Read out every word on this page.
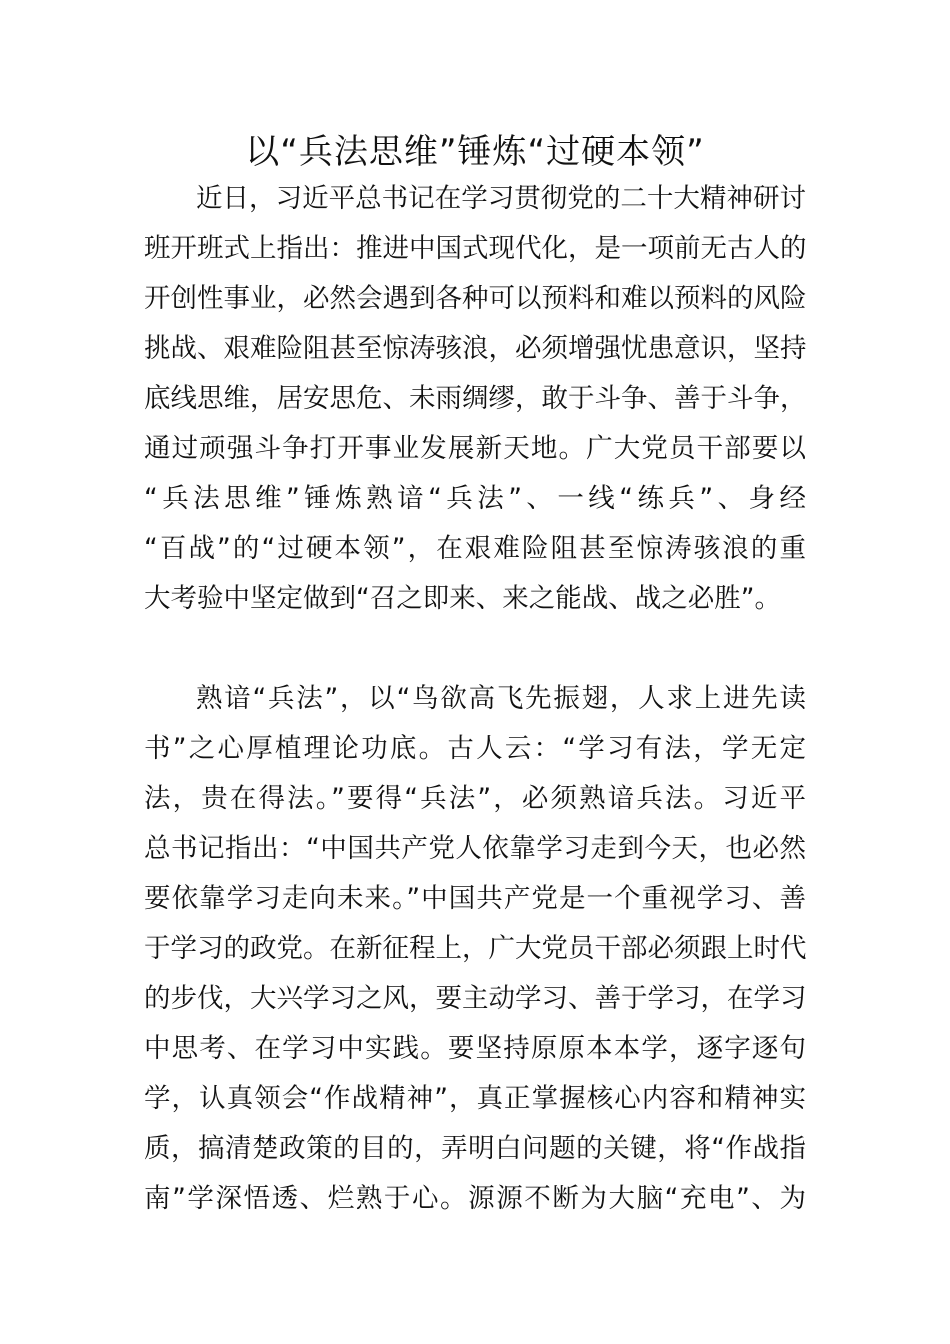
以“兵法思维”锤炼“过硬本领”
近日，习近平总书记在学习贯彻党的二十大精神研讨
班开班式上指出：推进中国式现代化，是一项前无古人的
开创性事业，必然会遇到各种可以预料和难以预料的风险
挑战、艰难险阻甚至惊涛骇浪，必须增强忧患意识，坚持
底线思维，居安思危、未雨绸缪，敢于斗争、善于斗争，
通过顽强斗争打开事业发展新天地。广大党员干部要以
“兵法思维”锤炼熟谙“兵法”、一线“练兵”、身经
“百战”的“过硬本领”，在艰难险阻甚至惊涛骇浪的重
大考验中坚定做到“召之即来、来之能战、战之必胜”。
熟谙“兵法”，以“鸟欲高飞先振翅，人求上进先读
书”之心厚植理论功底。古人云：“学习有法，学无定
法，贵在得法。”要得“兵法”，必须熟谙兵法。习近平
总书记指出：“中国共产党人依靠学习走到今天，也必然
要依靠学习走向未来。”中国共产党是一个重视学习、善
于学习的政党。在新征程上，广大党员干部必须跟上时代
的步伐，大兴学习之风，要主动学习、善于学习，在学习
中思考、在学习中实践。要坚持原原本本学，逐字逐句
学，认真领会“作战精神”，真正掌握核心内容和精神实
质，搞清楚政策的目的，弄明白问题的关键，将“作战指
南”学深悟透、烂熟于心。源源不断为大脑“充电”、为
